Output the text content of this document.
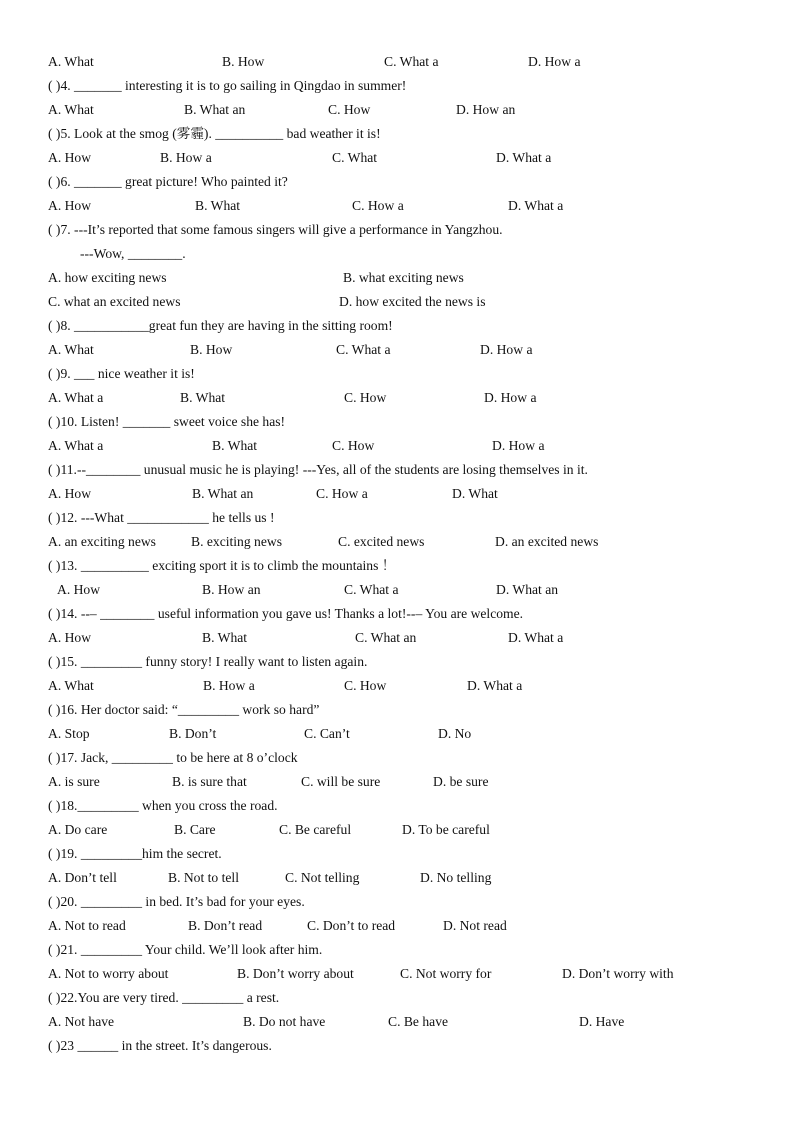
A. What	B. How	C. What a	D. How a
( )4. _______ interesting it is to go sailing in Qingdao in summer!
A. What	B. What an	C. How	D. How an
( )5. Look at the smog (雾霾). __________ bad weather it is!
A. How	B. How a	C. What	D. What a
( )6. _______ great picture! Who painted it?
A. How	B. What	C. How a	D. What a
( )7. ---It’s reported that some famous singers will give a performance in Yangzhou.
---Wow, ________.
A. how exciting news	B. what exciting news
C. what an excited news	D. how excited the news is
( )8. ___________great fun they are having in the sitting room!
A. What	B. How	C. What a	D. How a
( )9. ___ nice weather it is!
A. What a	B. What	C. How	D. How a
( )10. Listen! _______ sweet voice she has!
A. What a	B. What	C. How	D. How a
( )11.--________ unusual music he is playing! ---Yes, all of the students are losing themselves in it.
A. How	B. What an	C. How a	D. What
( )12. ---What ____________ he tells us !
A. an exciting news	B. exciting news	C. excited news	D. an excited news
( )13. __________ exciting sport it is to climb the mountains ！
A. How	B. How an	C. What a	D. What an
( )14. --– ________ useful information you gave us! Thanks a lot!--– You are welcome.
A. How	B. What	C. What an	D. What a
( )15. _________ funny story! I really want to listen again.
A. What	B. How a	C. How	D. What a
( )16. Her doctor said: “_________ work so hard”
A. Stop	B. Don’t	C. Can’t	D. No
( )17. Jack, _________ to be here at 8 o’clock
A. is sure	B. is sure that	C. will be sure	D. be sure
( )18._________ when you cross the road.
A. Do care	B. Care	C. Be careful	D. To be careful
( )19. _________him the secret.
A. Don’t tell	B. Not to tell	C. Not telling	D. No telling
( )20. _________ in bed. It’s bad for your eyes.
A. Not to read	B. Don’t read	C. Don’t to read	D. Not read
( )21. _________ Your child. We’ll look after him.
A. Not to worry about	B. Don’t worry about	C. Not worry for	D. Don’t worry with
( )22.You are very tired. _________ a rest.
A. Not have	B. Do not have	C. Be have	D. Have
( )23 ______ in the street. It’s dangerous.
